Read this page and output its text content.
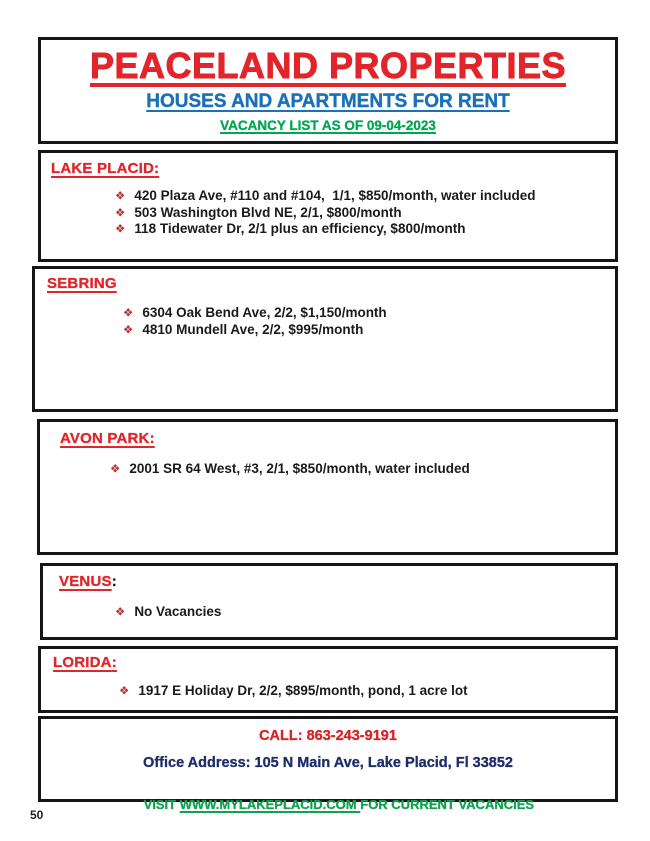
PEACELAND PROPERTIES
HOUSES AND APARTMENTS FOR RENT
VACANCY LIST AS OF 09-04-2023
LAKE PLACID:
❖ 420 Plaza Ave, #110 and #104,  1/1, $850/month, water included
❖ 503 Washington Blvd NE, 2/1, $800/month
❖ 118 Tidewater Dr, 2/1 plus an efficiency, $800/month
SEBRING
❖ 6304 Oak Bend Ave, 2/2, $1,150/month
❖ 4810 Mundell Ave, 2/2, $995/month
AVON PARK:
❖ 2001 SR 64 West, #3, 2/1, $850/month, water included
VENUS:
❖ No Vacancies
LORIDA:
❖ 1917 E Holiday Dr, 2/2, $895/month, pond, 1 acre lot
CALL: 863-243-9191
Office Address: 105 N Main Ave, Lake Placid, Fl 33852

VISIT WWW.MYLAKEPLACID.COM FOR CURRENT VACANCIES

50
